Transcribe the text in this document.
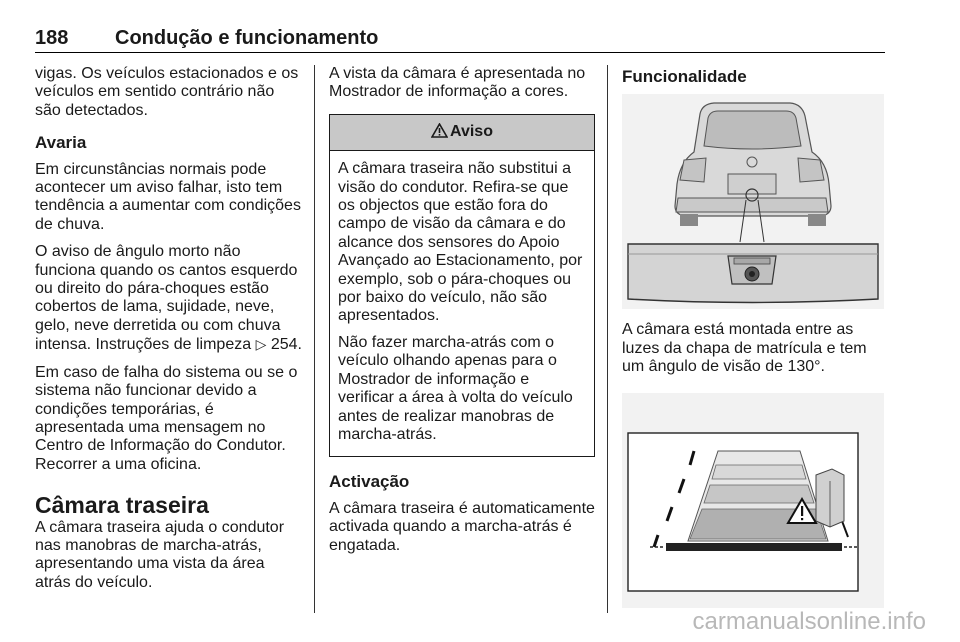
188 Condução e funcionamento

vigas. Os veículos estacionados e os veículos em sentido contrário não são detectados.

Avaria

Em circunstâncias normais pode acontecer um aviso falhar, isto tem tendência a aumentar com condições de chuva.

O aviso de ângulo morto não funciona quando os cantos esquerdo ou direito do pára-choques estão cobertos de lama, sujidade, neve, gelo, neve derretida ou com chuva intensa. Instruções de limpeza ▷ 254.

Em caso de falha do sistema ou se o sistema não funcionar devido a condições temporárias, é apresentada uma mensagem no Centro de Informação do Condutor. Recorrer a uma oficina.

Câmara traseira

A câmara traseira ajuda o condutor nas manobras de marcha-atrás, apresentando uma vista da área atrás do veículo.

A vista da câmara é apresentada no Mostrador de informação a cores.

Aviso

A câmara traseira não substitui a visão do condutor. Refira-se que os objectos que estão fora do campo de visão da câmara e do alcance dos sensores do Apoio Avançado ao Estacionamento, por exemplo, sob o pára-choques ou por baixo do veículo, não são apresentados.

Não fazer marcha-atrás com o veículo olhando apenas para o Mostrador de informação e verificar a área à volta do veículo antes de realizar manobras de marcha-atrás.

Activação

A câmara traseira é automaticamente activada quando a marcha-atrás é engatada.

Funcionalidade

A câmara está montada entre as luzes da chapa de matrícula e tem um ângulo de visão de 130°.

carmanualsonline.info
